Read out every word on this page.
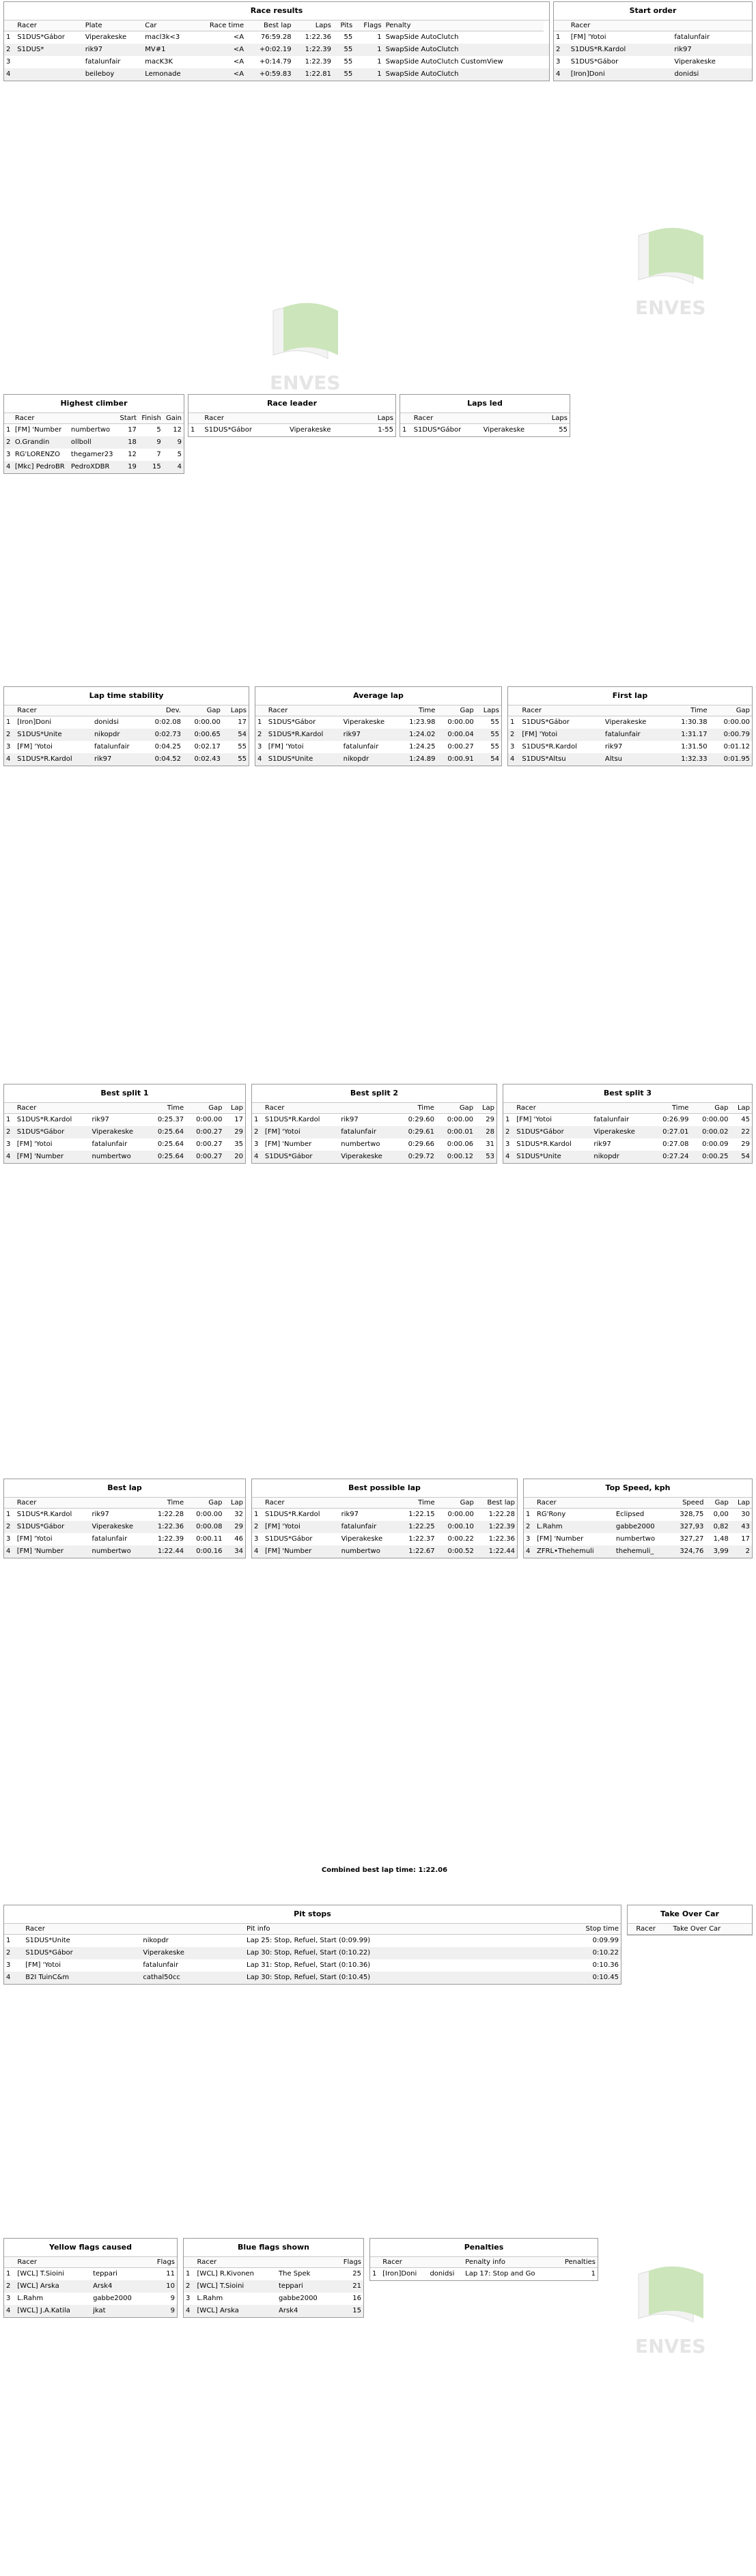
ENVES
ENVES
ENVES
Race results
	Racer	Plate	Car	Race time	Best lap	Laps	Pits	Flags	Penalty	
1	S1DUS*Gábor	Viperakeske	macl3k<3	<A	76:59.28	1:22.36	55	1	SwapSide AutoClutch	
2	S1DUS*	rik97	MV#1	<A	+0:02.19	1:22.39	55	1	SwapSide AutoClutch	
3		fatalunfair	macK3K	<A	+0:14.79	1:22.39	55	1	SwapSide AutoClutch CustomView	
4		beileboy	Lemonade	<A	+0:59.83	1:22.81	55	1	SwapSide AutoClutch	
Start order
	Racer	
1	[FM] 'Yotoi	fatalunfair
2	S1DUS*R.Kardol	rik97
3	S1DUS*Gábor	Viperakeske
4	[Iron]Doni	donidsi
Highest climber
	Racer		Start	Finish	Gain
1	[FM] 'Number	numbertwo	17	5	12
2	O.Grandin	ollboll	18	9	9
3	RG'LORENZO	thegamer23	12	7	5
4	[Mkc] PedroBR	PedroXDBR	19	15	4
Race leader
	Racer		Laps
1	S1DUS*Gábor	Viperakeske	1-55
Laps led
	Racer		Laps
1	S1DUS*Gábor	Viperakeske	55
Lap time stability
	Racer		Dev.	Gap	Laps
1	[Iron]Doni	donidsi	0:02.08	0:00.00	17
2	S1DUS*Unite	nikopdr	0:02.73	0:00.65	54
3	[FM] 'Yotoi	fatalunfair	0:04.25	0:02.17	55
4	S1DUS*R.Kardol	rik97	0:04.52	0:02.43	55
Average lap
	Racer		Time	Gap	Laps
1	S1DUS*Gábor	Viperakeske	1:23.98	0:00.00	55
2	S1DUS*R.Kardol	rik97	1:24.02	0:00.04	55
3	[FM] 'Yotoi	fatalunfair	1:24.25	0:00.27	55
4	S1DUS*Unite	nikopdr	1:24.89	0:00.91	54
First lap
	Racer		Time	Gap
1	S1DUS*Gábor	Viperakeske	1:30.38	0:00.00
2	[FM] 'Yotoi	fatalunfair	1:31.17	0:00.79
3	S1DUS*R.Kardol	rik97	1:31.50	0:01.12
4	S1DUS*Altsu	Altsu	1:32.33	0:01.95
Best split 1
	Racer		Time	Gap	Lap
1	S1DUS*R.Kardol	rik97	0:25.37	0:00.00	17
2	S1DUS*Gábor	Viperakeske	0:25.64	0:00.27	29
3	[FM] 'Yotoi	fatalunfair	0:25.64	0:00.27	35
4	[FM] 'Number	numbertwo	0:25.64	0:00.27	20
Best split 2
	Racer		Time	Gap	Lap
1	S1DUS*R.Kardol	rik97	0:29.60	0:00.00	29
2	[FM] 'Yotoi	fatalunfair	0:29.61	0:00.01	28
3	[FM] 'Number	numbertwo	0:29.66	0:00.06	31
4	S1DUS*Gábor	Viperakeske	0:29.72	0:00.12	53
Best split 3
	Racer		Time	Gap	Lap
1	[FM] 'Yotoi	fatalunfair	0:26.99	0:00.00	45
2	S1DUS*Gábor	Viperakeske	0:27.01	0:00.02	22
3	S1DUS*R.Kardol	rik97	0:27.08	0:00.09	29
4	S1DUS*Unite	nikopdr	0:27.24	0:00.25	54
Best lap
	Racer		Time	Gap	Lap
1	S1DUS*R.Kardol	rik97	1:22.28	0:00.00	32
2	S1DUS*Gábor	Viperakeske	1:22.36	0:00.08	29
3	[FM] 'Yotoi	fatalunfair	1:22.39	0:00.11	46
4	[FM] 'Number	numbertwo	1:22.44	0:00.16	34
Best possible lap
	Racer		Time	Gap	Best lap
1	S1DUS*R.Kardol	rik97	1:22.15	0:00.00	1:22.28
2	[FM] 'Yotoi	fatalunfair	1:22.25	0:00.10	1:22.39
3	S1DUS*Gábor	Viperakeske	1:22.37	0:00.22	1:22.36
4	[FM] 'Number	numbertwo	1:22.67	0:00.52	1:22.44
Top Speed, kph
	Racer		Speed	Gap	Lap
1	RG'Rony	Eclipsed	328,75	0,00	30
2	L.Rahm	gabbe2000	327,93	0,82	43
3	[FM] 'Number	numbertwo	327,27	1,48	17
4	ZFRL•Thehemuli	thehemuli_	324,76	3,99	2
Combined best lap time: 1:22.06
Pit stops
	Racer		Pit info	Stop time
1	S1DUS*Unite	nikopdr	Lap 25: Stop, Refuel, Start (0:09.99)	0:09.99
2	S1DUS*Gábor	Viperakeske	Lap 30: Stop, Refuel, Start (0:10.22)	0:10.22
3	[FM] 'Yotoi	fatalunfair	Lap 31: Stop, Refuel, Start (0:10.36)	0:10.36
4	B2I TuinC&m	cathal50cc	Lap 30: Stop, Refuel, Start (0:10.45)	0:10.45
Take Over Car
	Racer	Take Over Car
Yellow flags caused
	Racer		Flags
1	[WCL] T.Sioini	teppari	11
2	[WCL] Arska	Arsk4	10
3	L.Rahm	gabbe2000	9
4	[WCL] J.A.Katila	jkat	9
Blue flags shown
	Racer		Flags
1	[WCL] R.Kivonen	The Spek	25
2	[WCL] T.Sioini	teppari	21
3	L.Rahm	gabbe2000	16
4	[WCL] Arska	Arsk4	15
Penalties
	Racer		Penalty info	Penalties
1	[Iron]Doni	donidsi	Lap 17: Stop and Go	1
